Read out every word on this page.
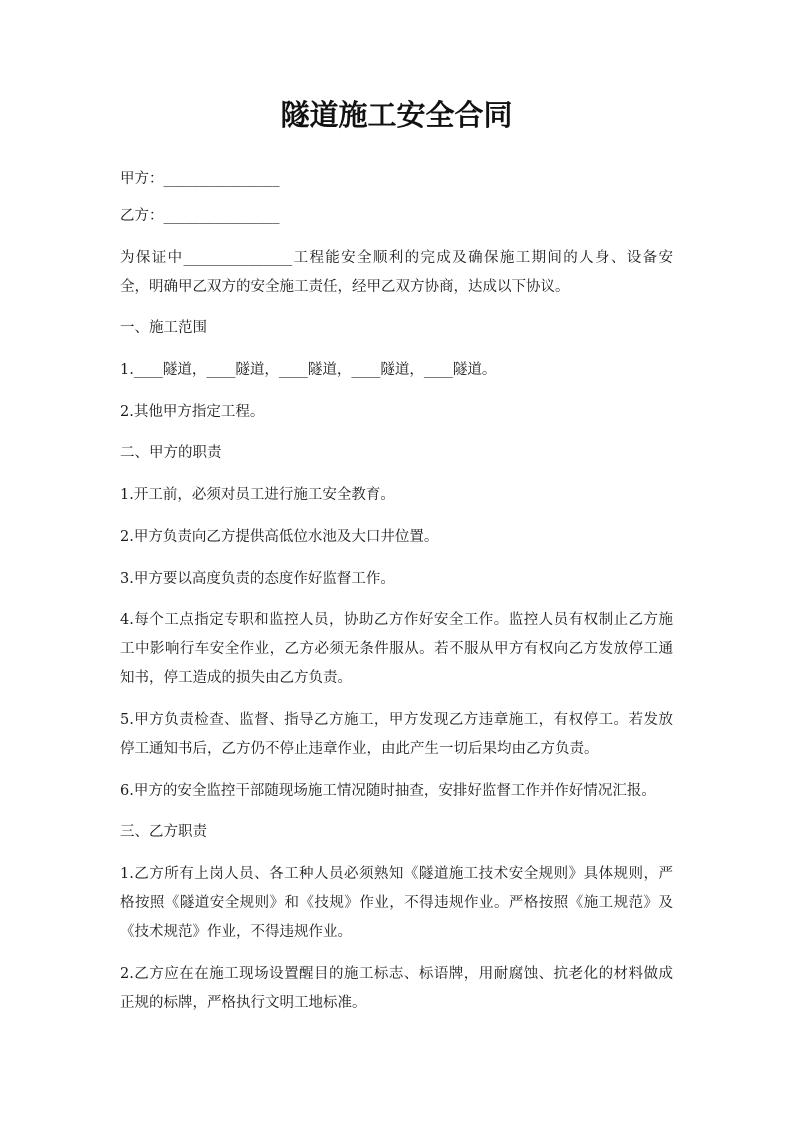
隧道施工安全合同

甲方：________________

乙方：________________

为保证中_______________工程能安全顺利的完成及确保施工期间的人身、设备安
全，明确甲乙双方的安全施工责任，经甲乙双方协商，达成以下协议。

一、施工范围

1.____隧道，____隧道，____隧道，____隧道，____隧道。

2.其他甲方指定工程。

二、甲方的职责

1.开工前，必须对员工进行施工安全教育。

2.甲方负责向乙方提供高低位水池及大口井位置。

3.甲方要以高度负责的态度作好监督工作。

4.每个工点指定专职和监控人员，协助乙方作好安全工作。监控人员有权制止乙方施
工中影响行车安全作业，乙方必须无条件服从。若不服从甲方有权向乙方发放停工通
知书，停工造成的损失由乙方负责。

5.甲方负责检查、监督、指导乙方施工，甲方发现乙方违章施工，有权停工。若发放
停工通知书后，乙方仍不停止违章作业，由此产生一切后果均由乙方负责。

6.甲方的安全监控干部随现场施工情况随时抽查，安排好监督工作并作好情况汇报。

三、乙方职责

1.乙方所有上岗人员、各工种人员必须熟知《隧道施工技术安全规则》具体规则，严
格按照《隧道安全规则》和《技规》作业，不得违规作业。严格按照《施工规范》及
《技术规范》作业，不得违规作业。

2.乙方应在在施工现场设置醒目的施工标志、标语牌，用耐腐蚀、抗老化的材料做成
正规的标牌，严格执行文明工地标准。
